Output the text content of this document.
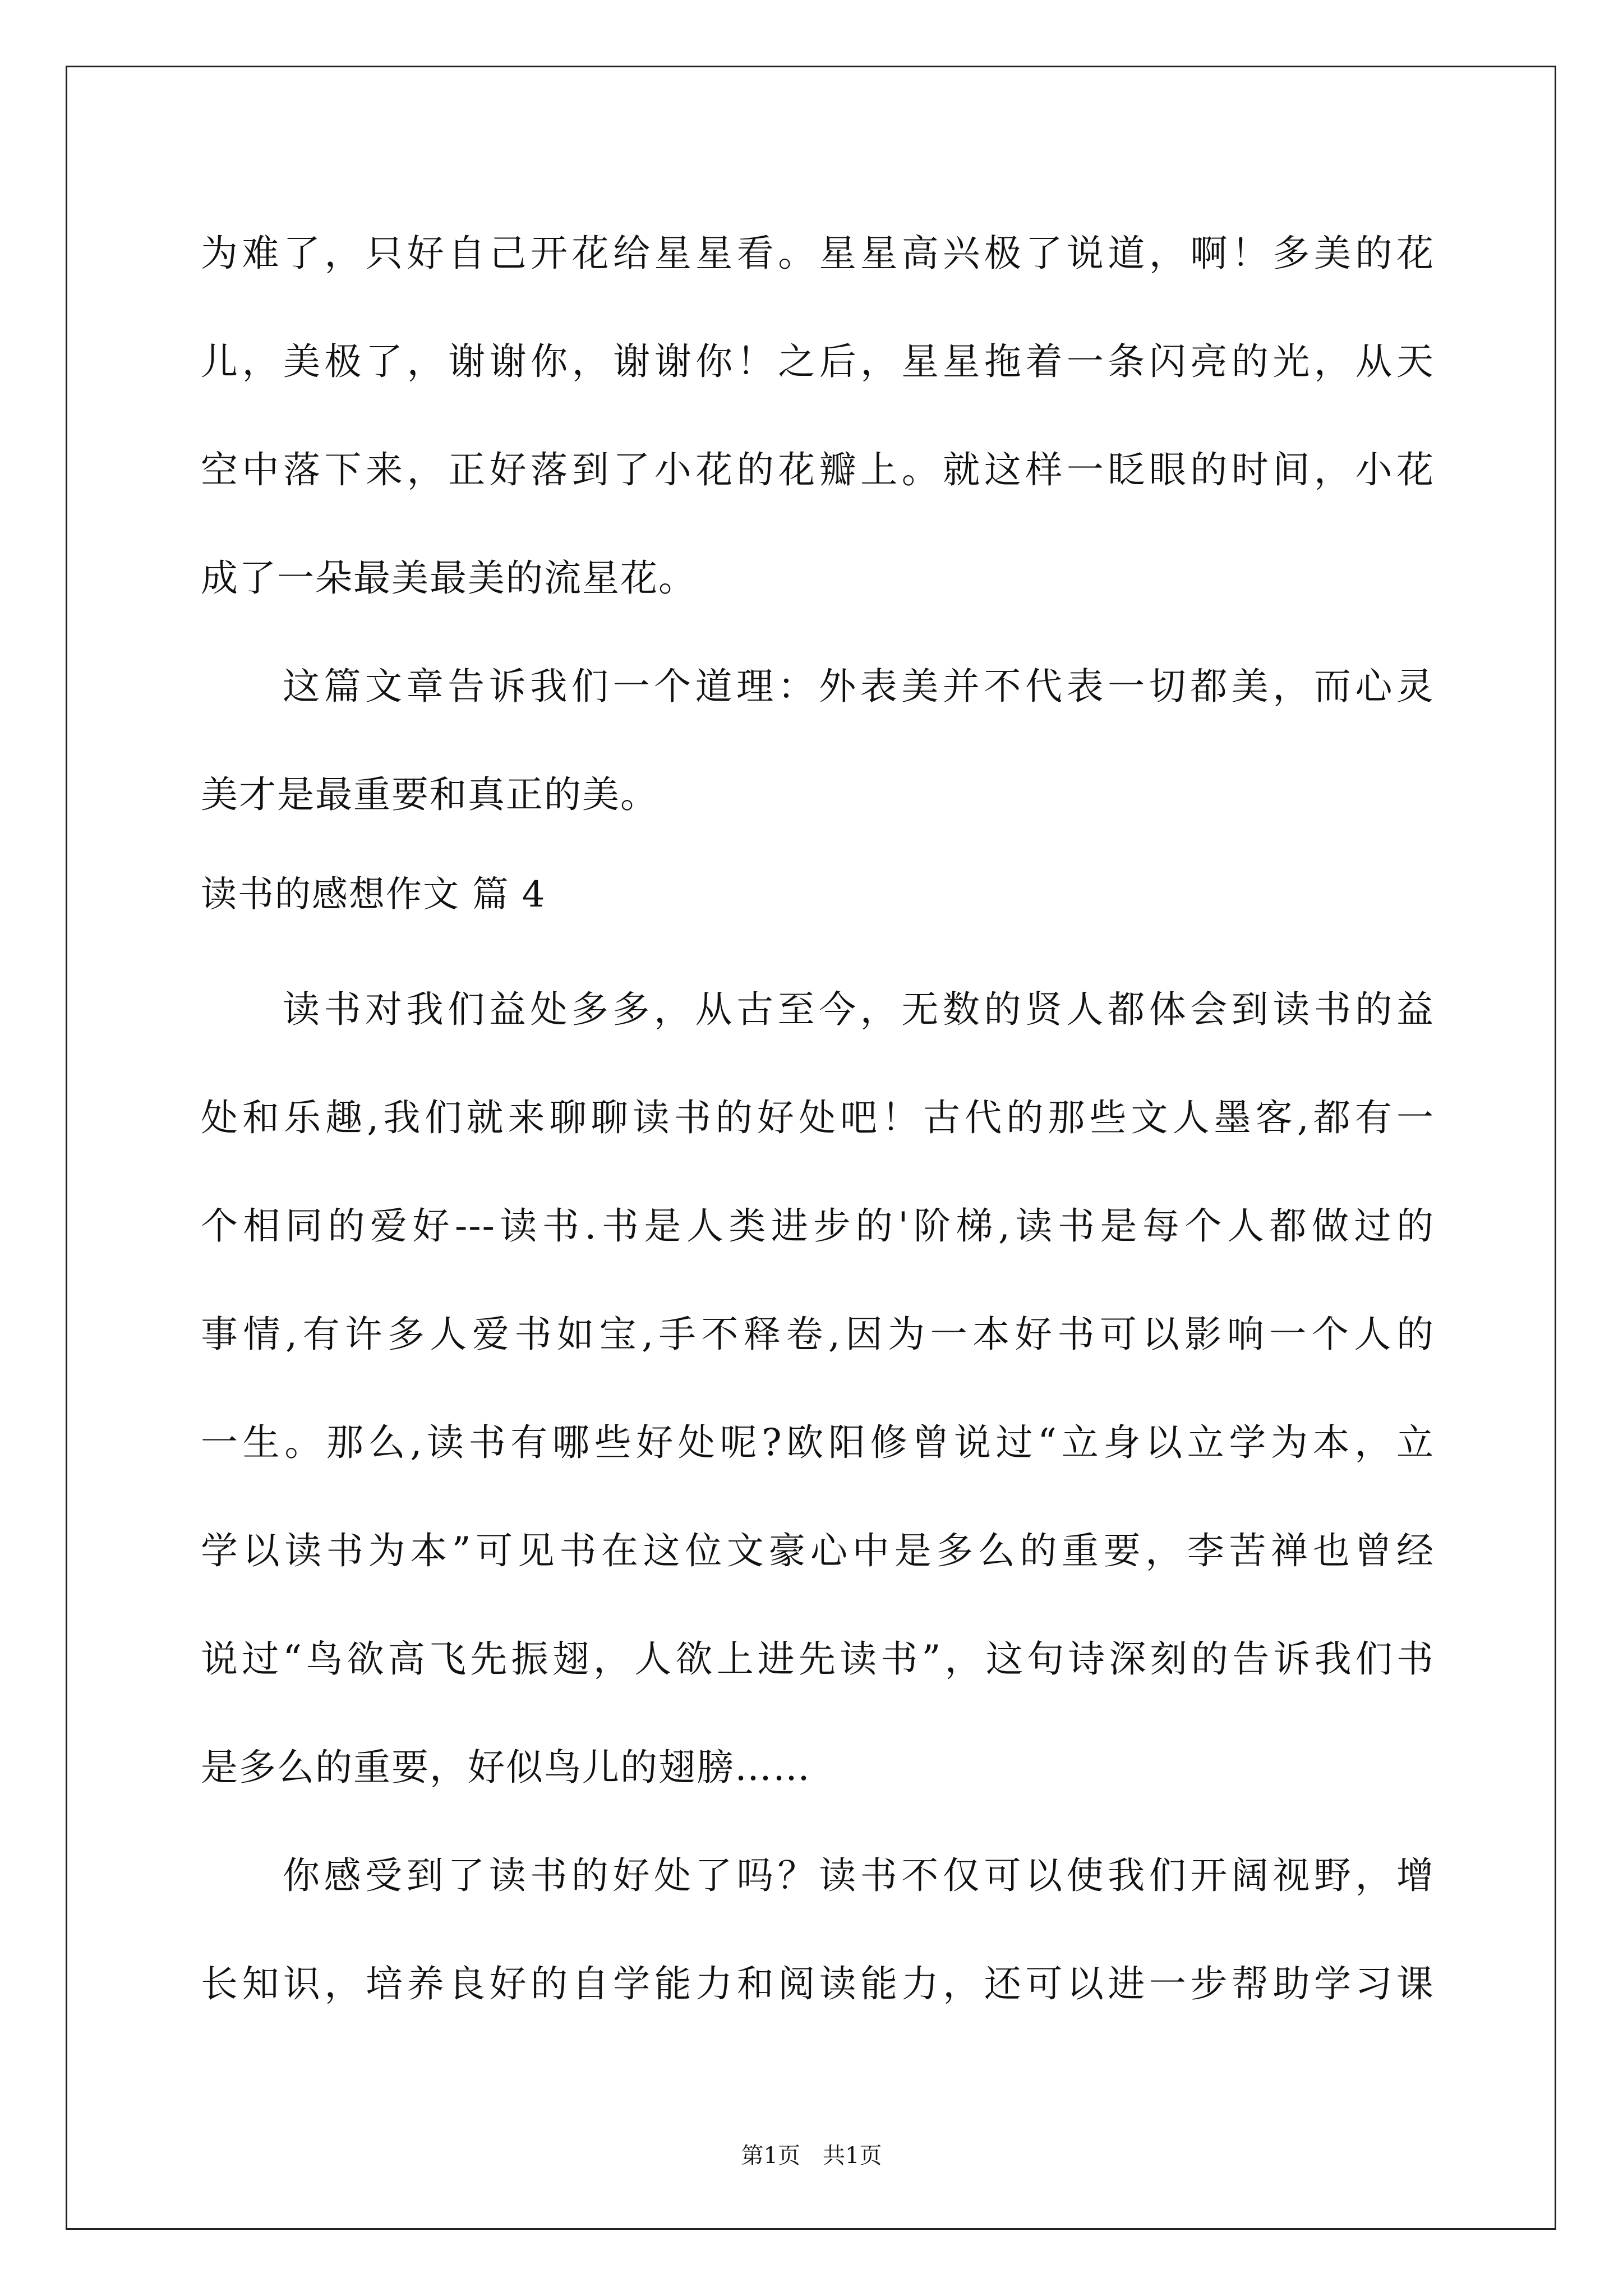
为难了，只好自己开花给星星看。星星高兴极了说道，啊！多美的花
儿，美极了，谢谢你，谢谢你！之后，星星拖着一条闪亮的光，从天
空中落下来，正好落到了小花的花瓣上。就这样一眨眼的时间，小花
成了一朵最美最美的流星花。
这篇文章告诉我们一个道理：外表美并不代表一切都美，而心灵
美才是最重要和真正的美。
读书的感想作文 篇 4
读书对我们益处多多，从古至今，无数的贤人都体会到读书的益
处和乐趣,我们就来聊聊读书的好处吧！古代的那些文人墨客,都有一
个相同的爱好---读书.书是人类进步的'阶梯,读书是每个人都做过的
事情,有许多人爱书如宝,手不释卷,因为一本好书可以影响一个人的
一生。那么,读书有哪些好处呢?欧阳修曾说过“立身以立学为本，立
学以读书为本”可见书在这位文豪心中是多么的重要，李苦禅也曾经
说过“鸟欲高飞先振翅，人欲上进先读书”，这句诗深刻的告诉我们书
是多么的重要，好似鸟儿的翅膀……
你感受到了读书的好处了吗？读书不仅可以使我们开阔视野，增
长知识，培养良好的自学能力和阅读能力，还可以进一步帮助学习课
第1页　共1页
